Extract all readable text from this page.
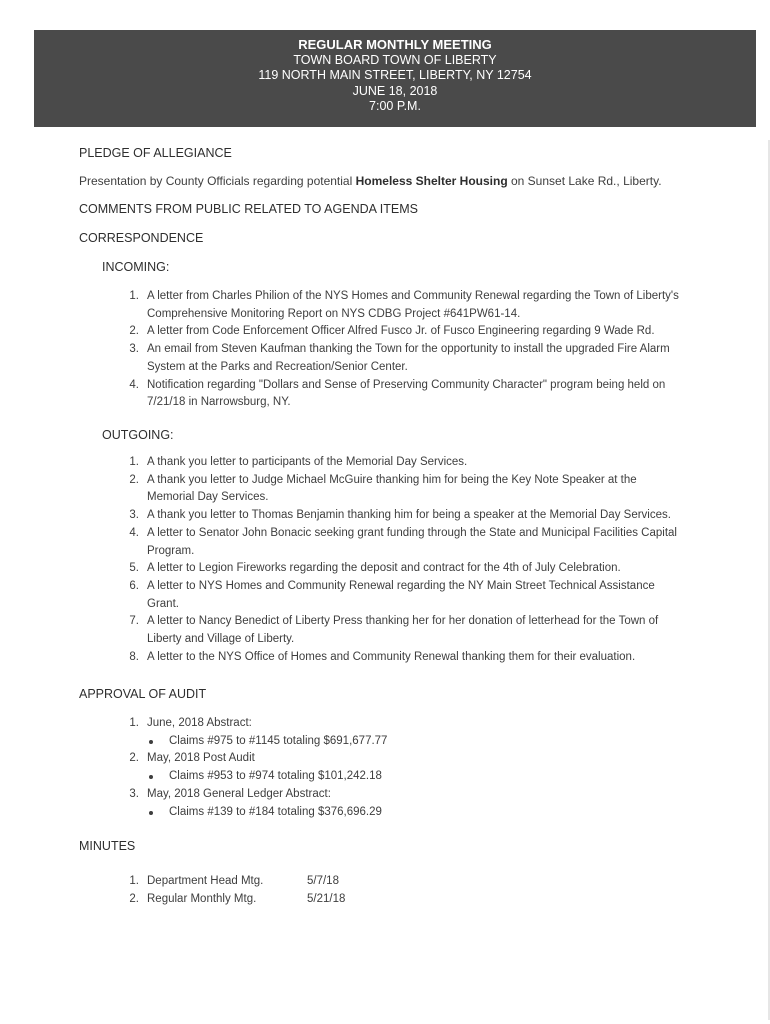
REGULAR MONTHLY MEETING
TOWN BOARD TOWN OF LIBERTY
119 NORTH MAIN STREET, LIBERTY, NY 12754
JUNE 18, 2018
7:00 P.M.
PLEDGE OF ALLEGIANCE
Presentation by County Officials regarding potential Homeless Shelter Housing on Sunset Lake Rd., Liberty.
COMMENTS FROM PUBLIC RELATED TO AGENDA ITEMS
CORRESPONDENCE
INCOMING:
1. A letter from Charles Philion of the NYS Homes and Community Renewal regarding the Town of Liberty's Comprehensive Monitoring Report on NYS CDBG Project #641PW61-14.
2. A letter from Code Enforcement Officer Alfred Fusco Jr. of Fusco Engineering regarding 9 Wade Rd.
3. An email from Steven Kaufman thanking the Town for the opportunity to install the upgraded Fire Alarm System at the Parks and Recreation/Senior Center.
4. Notification regarding "Dollars and Sense of Preserving Community Character" program being held on 7/21/18 in Narrowsburg, NY.
OUTGOING:
1. A thank you letter to participants of the Memorial Day Services.
2. A thank you letter to Judge Michael McGuire thanking him for being the Key Note Speaker at the Memorial Day Services.
3. A thank you letter to Thomas Benjamin thanking him for being a speaker at the Memorial Day Services.
4. A letter to Senator John Bonacic seeking grant funding through the State and Municipal Facilities Capital Program.
5. A letter to Legion Fireworks regarding the deposit and contract for the 4th of July Celebration.
6. A letter to NYS Homes and Community Renewal regarding the NY Main Street Technical Assistance Grant.
7. A letter to Nancy Benedict of Liberty Press thanking her for her donation of letterhead for the Town of Liberty and Village of Liberty.
8. A letter to the NYS Office of Homes and Community Renewal thanking them for their evaluation.
APPROVAL OF AUDIT
1. June, 2018 Abstract:
Claims #975 to #1145 totaling $691,677.77
2. May, 2018 Post Audit
Claims #953 to #974 totaling $101,242.18
3. May, 2018 General Ledger Abstract:
Claims #139 to #184 totaling $376,696.29
MINUTES
1. Department Head Mtg.	5/7/18
2. Regular Monthly Mtg.	5/21/18
